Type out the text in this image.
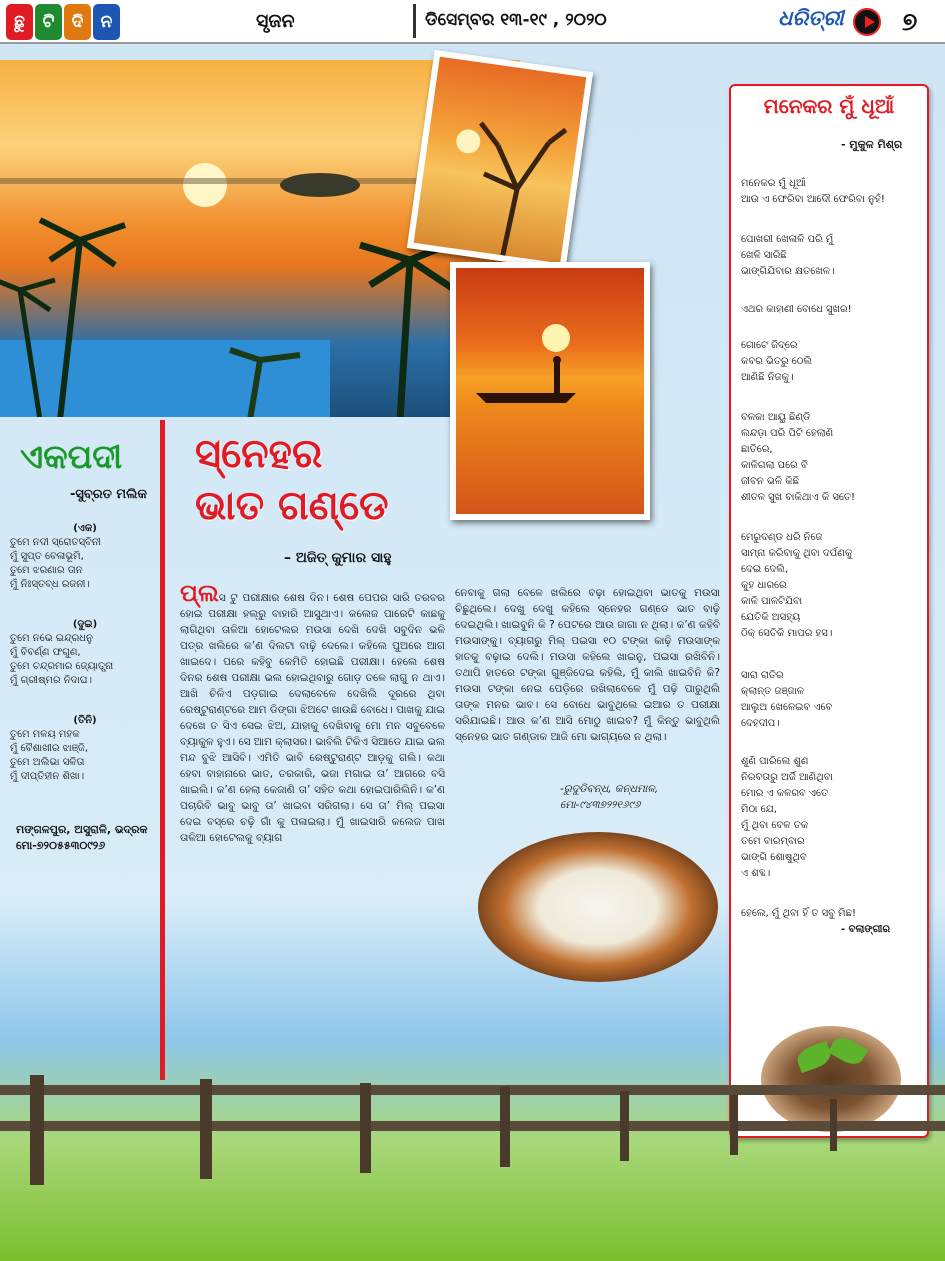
ଛୁ	ଟି	ଦି	ନ	ସୃଜନ	ଡିସେମ୍ବର ୧୩-୧୯ , ୨୦୨୦	ଧରିତ୍ରୀ ୭
ଏକପଦୀ
-ସୁବ୍ରତ ମଲିକ
(ଏକ)
ତୁମେ ନଦୀ ସ୍ରୋତସ୍ବିନୀ
ମୁଁ ସୁପ୍ତ ବେଳାଭୂମି,
ତୁମେ ଝରଣାର ତାନ
ମୁଁ ନିଃସ୍ତବ୍ଧ ରଜନୀ।
(ଦୁଇ)
ତୁମେ ନଭେ ଇନ୍ଦ୍ରଧନୁ
ମୁଁ ବିବର୍ଣ୍ଣ ଫଗୁଣ,
ତୁମେ ଚନ୍ଦ୍ରମାର ଜ୍ୟୋତ୍ସ୍ନା
ମୁଁ ଗ୍ରୀଷ୍ମର ନିଦାଘ।
(ତିନି)
ତୁମେ ମଳୟ ମହକ
ମୁଁ ବୈଶାଖୀର ଝାଞ୍ଜି,
ତୁମେ ଅଲିଭା ସଳିତା
ମୁଁ ଦୀପ୍ତିହୀନ ଶିଖା।
ମଙ୍ଗଳପୁର, ଅସୁରାଳି, ଭଦ୍ରକ
ମୋ-୭୨୦୫୫୩୦୯୨୬
ସ୍ନେହର
ଭାତ ଗଣ୍ଡେ
– ଅଜିତ୍ କୁମାର ସାହୁ
ପ୍ଲସ ଟୁ ପରୀକ୍ଷାର ଶେଷ ଦିନ। ଶେଷ ପେପର ସାରି ତରବର ହୋଇ ପରୀକ୍ଷା ହଲ୍‌ରୁ ବାହାରି ଆସୁଥାଏ। କଲେଜ ପାରେଟି କାଛକୁ ଲାଗିଥିବା ତାଳିଆ ହୋଟେଲର ମଉସା ଦେଖି ଦେଖି ସବୁଦିନ ଭଳି ପତ୍ର ଖଲିରେ କ’ଣ ଦିଲଟା ବାଢ଼ି ଦେଲେ। କହିଲେ ପୁଅରେ ଆଗ ଖାଇଦେ। ପରେ କହିବୁ କେମିତି ହୋଇଛି ପରୀକ୍ଷା। ହେଲେ ଶେଷ ଦିନର ଶେଷ ପରୀକ୍ଷା ଭଲ ହୋଇଥିବାରୁ ଗୋଡ଼ ତଳେ ଲାଗୁ ନ ଥାଏ। ଆଖି ଚିଳିଏ ପଡ଼ଗାଇ ଦେଲାବେଳେ ଦେଖିଲି ଦୂରରେ ଥିବା ରେଷ୍ଟୁରାଣ୍ଟରେ ଆମ ଡିଙ୍ଗା ଝିଅଟେ ଖାଉଛି ବୋଧେ। ପାଖକୁ ଯାଇ ଦେଖେ ତ ସିଏ ସେଇ ଝିଅ, ଯାହାକୁ ଦେଖିବାକୁ ମୋ ମନ ସବୁବେଳେ ବ୍ୟାକୁଳ ହୁଏ। ସେ ଆମ କ୍ଲାସର। ଭାବିଲି ଟିକିଏ ସିଆଡେ ଯାଇ ଭଲ ମନ୍ଦ ବୁଝି ଆସିବି। ଏମିତି ଭାବି ରେଷ୍ଟୁରାଣ୍ଟ ଆଡ଼କୁ ଗଲି। କଥା ହେବା ବାହାନାରେ ଭାତ, ତରକାରି, ଭଜା ମଗାଇ ତା’ ଆଗରେ ବସି ଖାଇଲି। କ’ଣ ହେଲା କେଜାଣି ତା’ ସହିତ କଥା ହୋଇପାରିଲିନି। କ’ଣ ପଚାରିବି ଭାବୁ ଭାବୁ ତା’ ଖାଇବା ସରିଗଲା। ସେ ତା’ ମିଲ୍ ପଇସା ଦେଇ ବସ୍‌ରେ ଚଢ଼ି ଗାଁ କୁ ପଳାଇଲା। ମୁଁ ଖାଇସାରି କଲେଜ ପାଖ ତାଳିଆ ହୋଟେଲକୁ ବ୍ୟାଗ
ନେବାକୁ ଗଲା ବେଳେ ଖଲିରେ ବଢ଼ା ହୋଇଥିବା ଭାତକୁ ମଉସା ଚିଛୁଥିଲେ। ଦେଖୁ ଦେଖୁ କହିଲେ ସ୍ନେହର ଗଣ୍ଡେ ଭାତ ବାଢ଼ି ଦେଇଥିଲି। ଖାଇବୁନି କି ? ପେଟରେ ଆଉ ଜାଗା ନ ଥିଲା। କ’ଣ କହିବି ମଉସାଙ୍କୁ। ବ୍ୟାଗରୁ ମିଲ୍ ପଇସା ୧୦ ଟଙ୍କା କାଢ଼ି ମଉସାଙ୍କ ହାତକୁ ବଢ଼ାଇ ଦେଲି। ମଉସା କହିଲେ ଖାଇନୁ, ପଇସା ରଖିବିନି। ତଥାପି ହାତରେ ଟଙ୍କା ଗୁଞ୍ଜିଦେଇ କହିଲି, ମୁଁ କାଲି ଖାଇବିନି କି? ମଉସା ଟଙ୍କା ନେଇ ପେଡ଼ିରେ ରଖିଲାବେଳେ ମୁଁ ପଢ଼ି ପାରୁଥିଲି ତାଙ୍କ ମନର ଭାବ। ସେ ବୋଧେ ଭାବୁଥିଲେ ଇଆର ତ ପରୀକ୍ଷା ସରିଯାଇଛି। ଆଉ କ’ଣ ଆସି ମୋଠୁ ଖାଇବ? ମୁଁ କିନ୍ତୁ ଭାବୁଥିଲି ସ୍ନେହର ଭାତ ଗଣ୍ଡାକ ଆଜି ମୋ ଭାଗ୍ୟରେ ନ ଥିଲା।
-ରୁଦୁଡିବନ୍ଧ, କନ୍ଧମାଳ,
ମୋ-୯୪୩୭୨୨୧୬୯୬
ମନେକର ମୁଁ ଧୂଆଁ
- ମୁକୁଳ ମିଶ୍ର
ମନେକର ମୁଁ ଧୂଆଁ
ଆଉ ଏ ଫେରିବା ଆଦୌ ଫେରିବା ନୁହଁ!
ପୋଖରୀ ଖେଳାଳି ପରି ମୁଁ
ଖେଳି ସାରିଛି
ଭାଙ୍ଗିଯିବାର କ୍ଷତଖେଳ।
ଏଥର କାହାଣୀ ବୋଧେ ସୁଖର!
ଗୋଟେ ଜିଦ୍‌ରେ
କବର ଭିତରୁ ଠେଲି
ଆଣିଛି ନିଜକୁ।
ବଳକା ଆୟୁ ଛିଣ୍ଡି
ଲନ୍ଦଡ଼ା ପରି ପିଟି ହେଲାଣି
ଛାତିରେ,
କାଳିଗଲା ପରେ ବି
ଜୀବନ ଭଳି କିଛି
ଶୀତଳ ସୁଖ ବାକିଥାଏ କି ସତେ!
ମେରୁଦଣ୍ଡ ଧରି ନିଜେ
ସାମ୍ନା କରିବାକୁ ଥିବା ଦର୍ପଣକୁ
ଦେଇ ଦେଲି,
କୁହ ଧାରରେ
କାଳି ପାଳଟିଯିବା
ଯେତିକି ଅସହ୍ୟ
ଠିକ୍ ସେତିକି ମାପର ହସ।
ସାରା ରାତିର
କ୍ଲାନ୍ତ ଜଞ୍ଜାଳ
ଆଲୁଅ ଖେଳେଇବ ଏବେ
ଦେହଦୀପ।
ଶୁଣି ପାରିଲେ ଶୁଣ
ନିରବତାରୁ ଅର୍ଜି ଆଣିଥିବା
ମୋର ଏ କଳରବ ଏତେ
ମିଠା ଯେ,
ମୁଁ ଥିବା ବେଳ ତକ
ତମେ ବାରମ୍ବାର
ଭାଙ୍ଗି ଶୋଷୁଥିବ
ଏ ଶବ୍ଦ।
ହେଲେ, ମୁଁ ଥିବା ହିଁ ତ ସବୁ ମିଛ!
- ବଲାଙ୍ଗୀର
